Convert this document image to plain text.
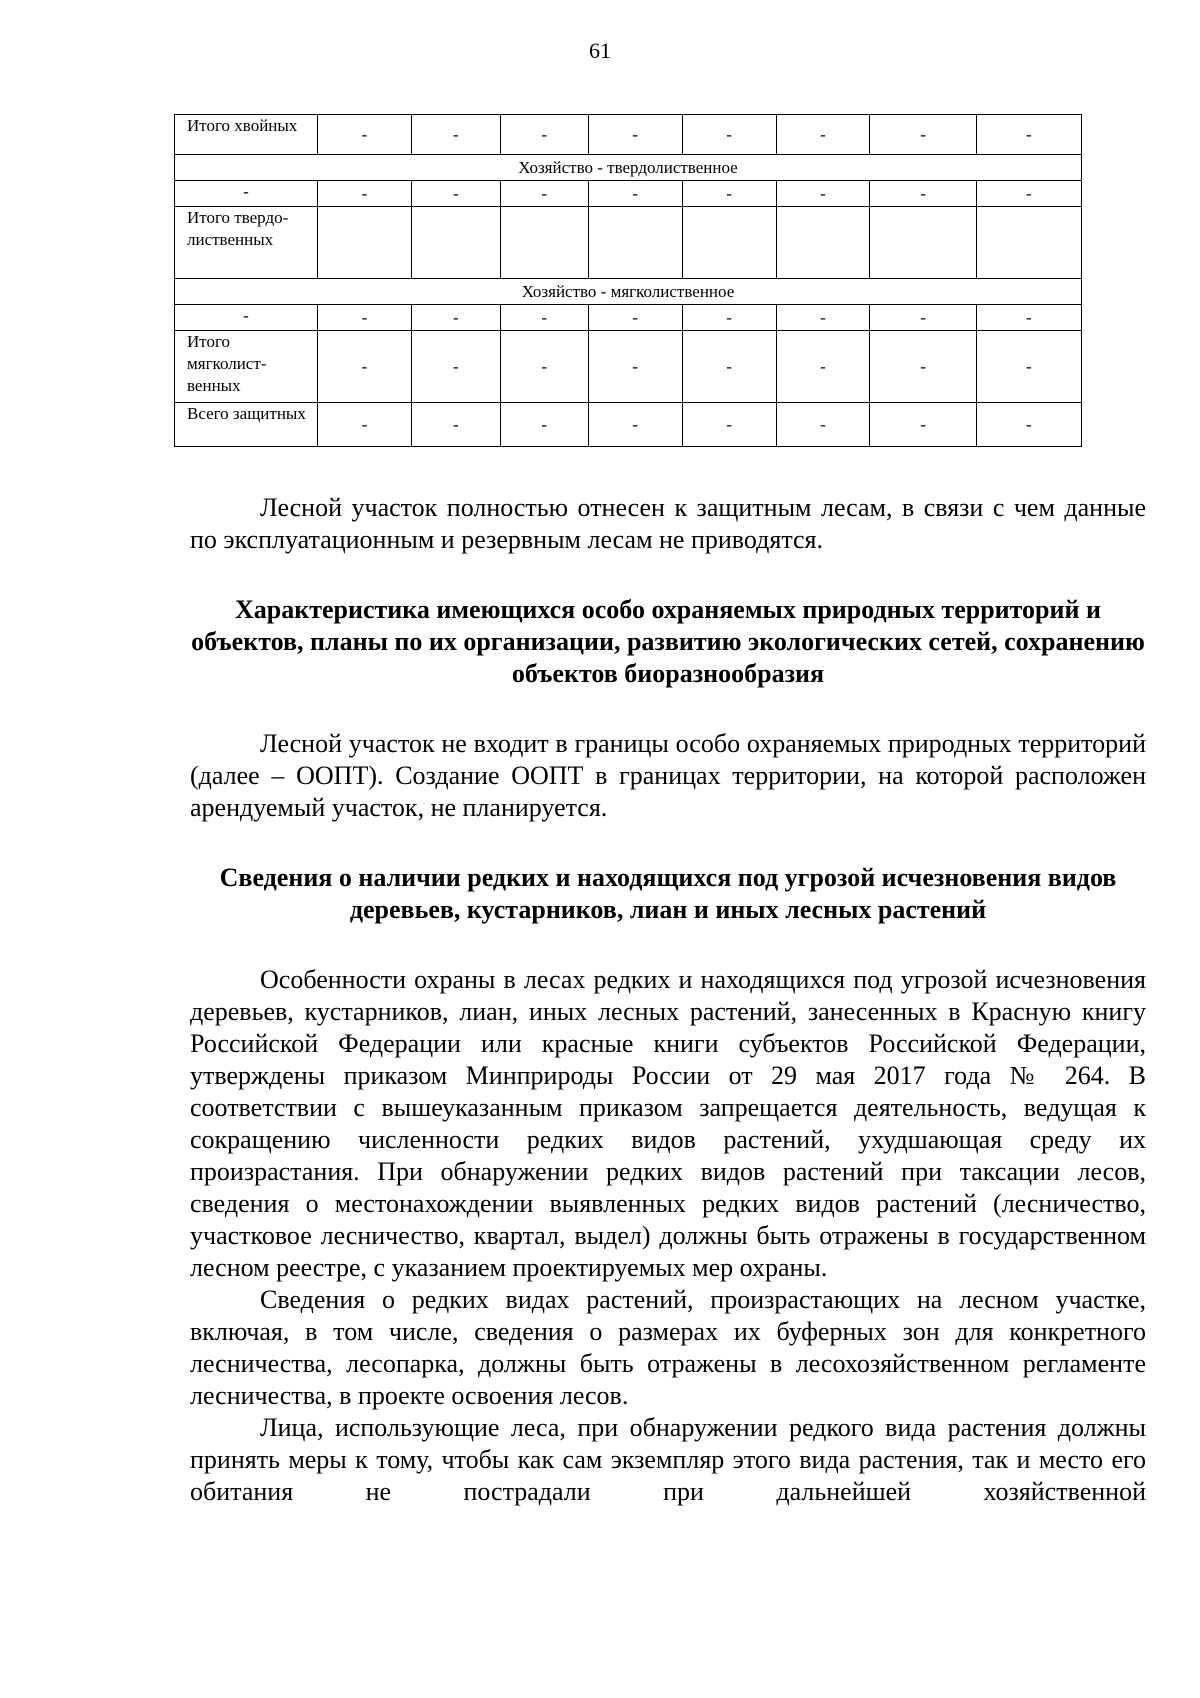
61
Итого хвойных	-	-	-	-	-	-	-	-
Хозяйство - твердолиственное								
-	-	-	-	-	-	-	-	-
Итого твердо- лиственных								
Хозяйство - мягколиственное								
-	-	-	-	-	-	-	-	-
Итого мягколист- венных	-	-	-	-	-	-	-	-
Всего защитных	-	-	-	-	-	-	-	-

Лесной участок полностью отнесен к защитным лесам, в связи с чем данные по эксплуатационным и резервным лесам не приводятся.

Характеристика имеющихся особо охраняемых природных территорий и объектов, планы по их организации, развитию экологических сетей, сохранению объектов биоразнообразия

Лесной участок не входит в границы особо охраняемых природных территорий (далее – ООПТ). Создание ООПТ в границах территории, на которой расположен арендуемый участок, не планируется.

Сведения о наличии редких и находящихся под угрозой исчезновения видов деревьев, кустарников, лиан и иных лесных растений

Особенности охраны в лесах редких и находящихся под угрозой исчезновения деревьев, кустарников, лиан, иных лесных растений, занесенных в Красную книгу Российской Федерации или красные книги субъектов Российской Федерации, утверждены приказом Минприроды России от 29 мая 2017 года № 264. В соответствии с вышеуказанным приказом запрещается деятельность, ведущая к сокращению численности редких видов растений, ухудшающая среду их произрастания. При обнаружении редких видов растений при таксации лесов, сведения о местонахождении выявленных редких видов растений (лесничество, участковое лесничество, квартал, выдел) должны быть отражены в государственном лесном реестре, с указанием проектируемых мер охраны.

Сведения о редких видах растений, произрастающих на лесном участке, включая, в том числе, сведения о размерах их буферных зон для конкретного лесничества, лесопарка, должны быть отражены в лесохозяйственном регламенте лесничества, в проекте освоения лесов.

Лица, использующие леса, при обнаружении редкого вида растения должны принять меры к тому, чтобы как сам экземпляр этого вида растения, так и место его обитания не пострадали при дальнейшей хозяйственной
